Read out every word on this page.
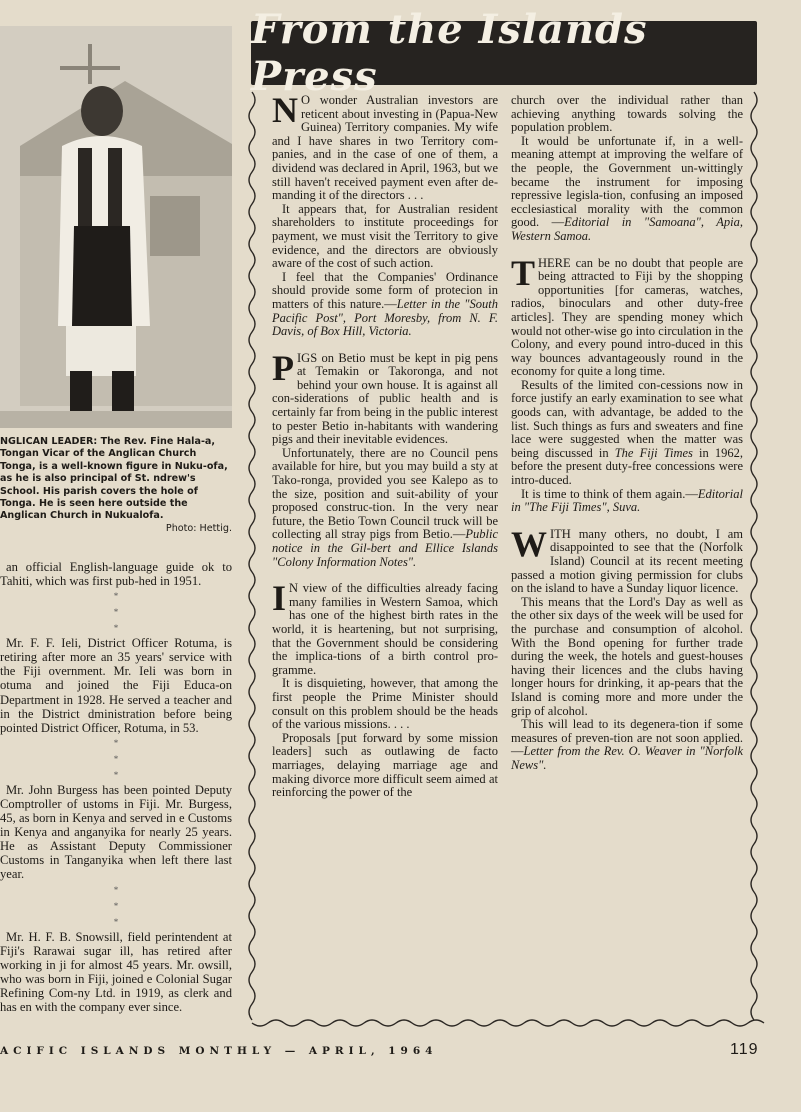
NGLICAN LEADER: The Rev. Fine Hala-a, Tongan Vicar of the Anglican Church Tonga, is a well-known figure in Nuku-ofa, as he is also principal of St. ndrew's School. His parish covers the hole of Tonga. He is seen here outside the Anglican Church in Nukualofa.
Photo: Hettig.

an official English-language guide ok to Tahiti, which was first pub-hed in 1951.

* * *

Mr. F. F. Ieli, District Officer Rotuma, is retiring after more an 35 years' service with the Fiji overnment. Mr. Ieli was born in otuma and joined the Fiji Educa-on Department in 1928. He served a teacher and in the District dministration before being pointed District Officer, Rotuma, in 53.

* * *

Mr. John Burgess has been pointed Deputy Comptroller of ustoms in Fiji. Mr. Burgess, 45, as born in Kenya and served in e Customs in Kenya and anganyika for nearly 25 years. He as Assistant Deputy Commissioner Customs in Tanganyika when left there last year.

* * *

Mr. H. F. B. Snowsill, field perintendent at Fiji's Rarawai sugar ill, has retired after working in ji for almost 45 years. Mr. owsill, who was born in Fiji, joined e Colonial Sugar Refining Com-ny Ltd. in 1919, as clerk and has en with the company ever since.

From the Islands Press

N O wonder Australian investors are reticent about investing in (Papua-New Guinea) Territory companies. My wife and I have shares in two Territory com-panies, and in the case of one of them, a dividend was declared in April, 1963, but we still haven't received payment even after de-manding it of the directors . . .

It appears that, for Australian resident shareholders to institute proceedings for payment, we must visit the Territory to give evidence, and the directors are obviously aware of the cost of such action.

I feel that the Companies' Ordinance should provide some form of protecion in matters of this nature.—Letter in the "South Pacific Post", Port Moresby, from N. F. Davis, of Box Hill, Victoria.

PIGS on Betio must be kept in pig pens at Temakin or Takoronga, and not behind your own house. It is against all con-siderations of public health and is certainly far from being in the public interest to pester Betio in-habitants with wandering pigs and their inevitable evidences.

Unfortunately, there are no Council pens available for hire, but you may build a sty at Tako-ronga, provided you see Kalepo as to the size, position and suit-ability of your proposed construc-tion. In the very near future, the Betio Town Council truck will be collecting all stray pigs from Betio.—Public notice in the Gil-bert and Ellice Islands "Colony Information Notes".

I N view of the difficulties already facing many families in Western Samoa, which has one of the highest birth rates in the world, it is heartening, but not surprising, that the Government should be considering the implica-tions of a birth control pro-gramme.

It is disquieting, however, that among the first people the Prime Minister should consult on this problem should be the heads of the various missions. . . .

Proposals [put forward by some mission leaders] such as outlawing de facto marriages, delaying marriage age and making divorce more difficult seem aimed at reinforcing the power of the

church over the individual rather than achieving anything towards solving the population problem.

It would be unfortunate if, in a well-meaning attempt at improving the welfare of the people, the Government un-wittingly became the instrument for imposing repressive legisla-tion, confusing an imposed ecclesiastical morality with the common good. —Editorial in "Samoana", Apia, Western Samoa.

THERE can be no doubt that people are being attracted to Fiji by the shopping opportunities [for cameras, watches, radios, binoculars and other duty-free articles]. They are spending money which would not other-wise go into circulation in the Colony, and every pound intro-duced in this way bounces advantageously round in the economy for quite a long time.

Results of the limited con-cessions now in force justify an early examination to see what goods can, with advantage, be added to the list. Such things as furs and sweaters and fine lace were suggested when the matter was being discussed in The Fiji Times in 1962, before the present duty-free concessions were intro-duced.

It is time to think of them again.—Editorial in "The Fiji Times", Suva.

WITH many others, no doubt, I am disappointed to see that the (Norfolk Island) Council at its recent meeting passed a motion giving permission for clubs on the island to have a Sunday liquor licence.

This means that the Lord's Day as well as the other six days of the week will be used for the purchase and consumption of alcohol. With the Bond opening for further trade during the week, the hotels and guest-houses having their licences and the clubs having longer hours for drinking, it ap-pears that the Island is coming more and more under the grip of alcohol.

This will lead to its degenera-tion if some measures of preven-tion are not soon applied.—Letter from the Rev. O. Weaver in "Norfolk News".

ACIFIC ISLANDS MONTHLY — APRIL, 1964	119
